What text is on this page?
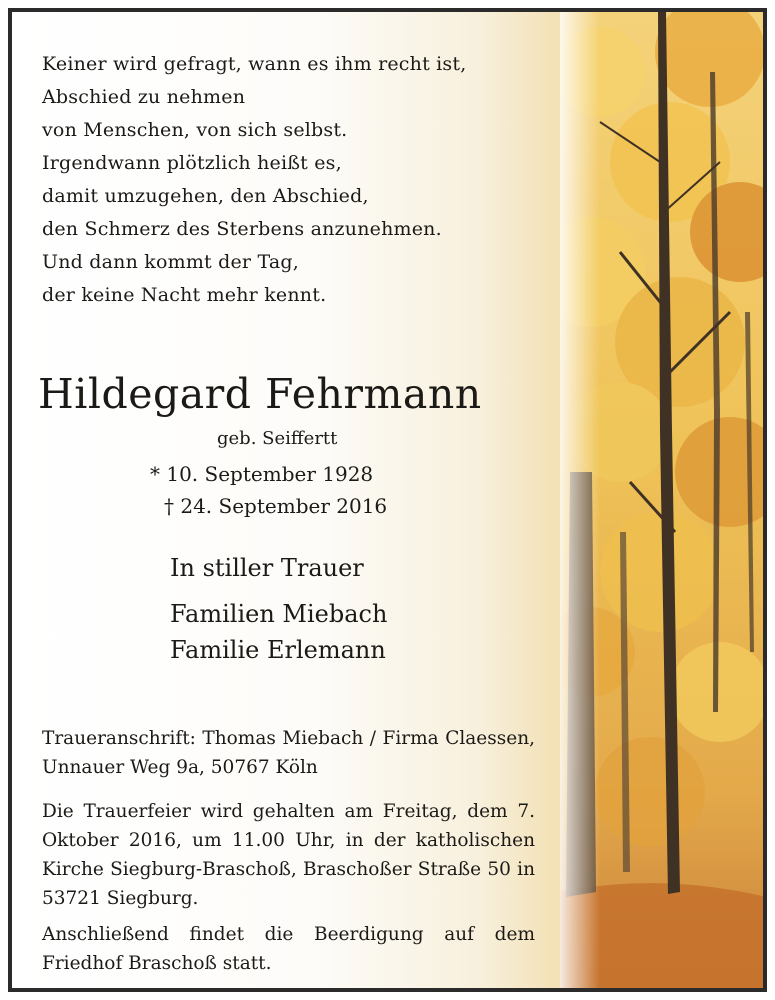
Keiner wird gefragt, wann es ihm recht ist,
Abschied zu nehmen
von Menschen, von sich selbst.
Irgendwann plötzlich heißt es,
damit umzugehen, den Abschied,
den Schmerz des Sterbens anzunehmen.
Und dann kommt der Tag,
der keine Nacht mehr kennt.
Hildegard Fehrmann
geb. Seiffertt
* 10. September 1928
† 24. September 2016
In stiller Trauer
Familien Miebach
Familie Erlemann
Traueranschrift: Thomas Miebach / Firma Claessen, Unnauer Weg 9a, 50767 Köln
Die Trauerfeier wird gehalten am Freitag, dem 7. Oktober 2016, um 11.00 Uhr, in der katholischen Kirche Siegburg-Braschoß, Braschoßer Straße 50 in 53721 Siegburg.
Anschließend findet die Beerdigung auf dem Friedhof Braschoß statt.
